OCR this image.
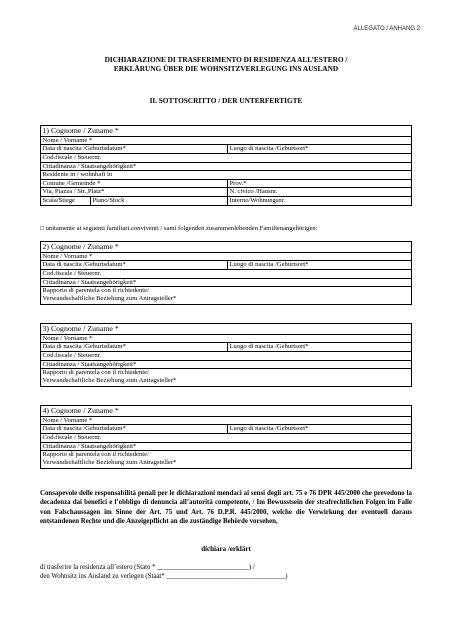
ALLEGATO / ANHANG 2
DICHIARAZIONE DI TRASFERIMENTO DI RESIDENZA ALL’ESTERO /
ERKLÄRUNG ÜBER DIE WOHNSITZVERLEGUNG INS AUSLAND
IL SOTTOSCRITTO / DER UNTERFERTIGTE
1) Cognome / Zuname *		
Nome / Vorname *		
Data di nascita /Geburtsdatum*		Luogo di nascita /Geburtsort*
Cod.fiscale / Steuernr.		
Cittadinanza / Staatsangehörigkeit*		
Residente in / wohnhaft in		
Comune /Gemeinde *		Prov.*
Via, Piazza / Str.,Platz*		N. civico /Hausnr.
Scala/Stiege	Piano/Stock	Interno/Wohnungsnr.
□ unitamente ai seguenti familiari conviventi / samt folgenden zusammenlebenden Familienangehörigen:
2) Cognome / Zuname *
Nome / Vorname *
Data di nascita /Geburtsdatum*	Luogo di nascita /Geburtsort*
Cod.fiscale / Steuernr.
Cittadinanza / Staatsangehörigkeit*
Rapporto di parentela con il richiedente/
Verwandschaftliche Beziehung zum Antragsteller*
3) Cognome / Zuname *
Nome / Vorname *
Data di nascita /Geburtsdatum*	Luogo di nascita /Geburtsort*
Cod.fiscale / Steuernr.
Cittadinanza / Staatsangehörigkeit*
Rapporto di parentela con il richiedente/
Verwandschaftliche Beziehung zum Antragsteller*
4) Cognome / Zuname *
Nome / Vorname *
Data di nascita /Geburtsdatum*	Luogo di nascita /Geburtsort*
Cod.fiscale / Steuernr.
Cittadinanza / Staatsangehörigkeit*
Rapporto di parentela con il richiedente/
Verwandschaftliche Beziehung zum Antragsteller*
Consapevole delle responsabilità penali per le dichiarazioni mendaci ai sensi degli art. 75 e 76 DPR 445/2000 che prevedono la decadenza dai benefici e l’obbligo di denuncia all’autorità competente, / Im Bewusstsein der strafrechtlichen Folgen im Falle von Falschaussagen im Sinne der Art. 75 und Art. 76 D.P.R. 445/2000, welche die Verwirkung der eventuell daraus entstandenen Rechte und die Anzeigepflicht an die zuständige Behörde vorsehen,
dichiara /erklärt
di trasferire la residenza all’estero (Stato * ___________________________) /
den Wohnsitz ins Ausland zu verlegen (Staat* ___________________________________)
